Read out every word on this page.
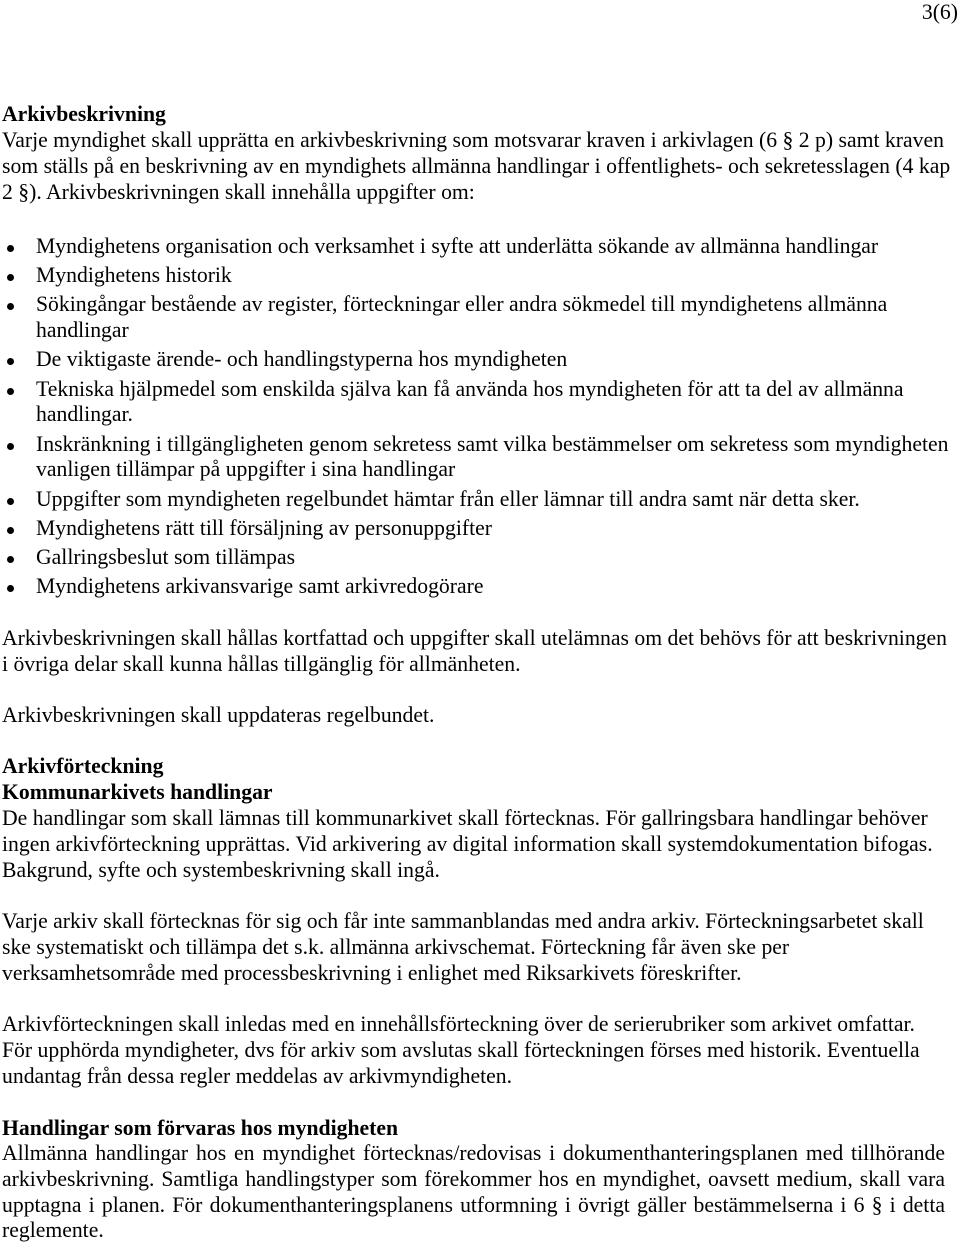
3(6)
Arkivbeskrivning

Varje myndighet skall upprätta en arkivbeskrivning som motsvarar kraven i arkivlagen (6 § 2 p) samt kraven
som ställs på en beskrivning av en myndighets allmänna handlingar i offentlighets- och sekretesslagen (4 kap
2 §). Arkivbeskrivningen skall innehålla uppgifter om:

Myndighetens organisation och verksamhet i syfte att underlätta sökande av allmänna handlingar
Myndighetens historik
Sökingångar bestående av register, förteckningar eller andra sökmedel till myndighetens allmänna
handlingar
De viktigaste ärende- och handlingstyperna hos myndigheten
Tekniska hjälpmedel som enskilda själva kan få använda hos myndigheten för att ta del av allmänna
handlingar.
Inskränkning i tillgängligheten genom sekretess samt vilka bestämmelser om sekretess som myndigheten
vanligen tillämpar på uppgifter i sina handlingar
Uppgifter som myndigheten regelbundet hämtar från eller lämnar till andra samt när detta sker.
Myndighetens rätt till försäljning av personuppgifter
Gallringsbeslut som tillämpas
Myndighetens arkivansvarige samt arkivredogörare

Arkivbeskrivningen skall hållas kortfattad och uppgifter skall utelämnas om det behövs för att beskrivningen
i övriga delar skall kunna hållas tillgänglig för allmänheten.

Arkivbeskrivningen skall uppdateras regelbundet.

Arkivförteckning
Kommunarkivets handlingar

De handlingar som skall lämnas till kommunarkivet skall förtecknas. För gallringsbara handlingar behöver
ingen arkivförteckning upprättas. Vid arkivering av digital information skall systemdokumentation bifogas.
Bakgrund, syfte och systembeskrivning skall ingå.

Varje arkiv skall förtecknas för sig och får inte sammanblandas med andra arkiv. Förteckningsarbetet skall
ske systematiskt och tillämpa det s.k. allmänna arkivschemat. Förteckning får även ske per
verksamhetsområde med processbeskrivning i enlighet med Riksarkivets föreskrifter.

Arkivförteckningen skall inledas med en innehållsförteckning över de serierubriker som arkivet omfattar.
För upphörda myndigheter, dvs för arkiv som avslutas skall förteckningen förses med historik. Eventuella
undantag från dessa regler meddelas av arkivmyndigheten.

Handlingar som förvaras hos myndigheten

Allmänna handlingar hos en myndighet förtecknas/redovisas i dokumenthanteringsplanen med tillhörande
arkivbeskrivning. Samtliga handlingstyper som förekommer hos en myndighet, oavsett medium, skall vara
upptagna i planen. För dokumenthanteringsplanens utformning i övrigt gäller bestämmelserna i 6 § i detta
reglemente.
